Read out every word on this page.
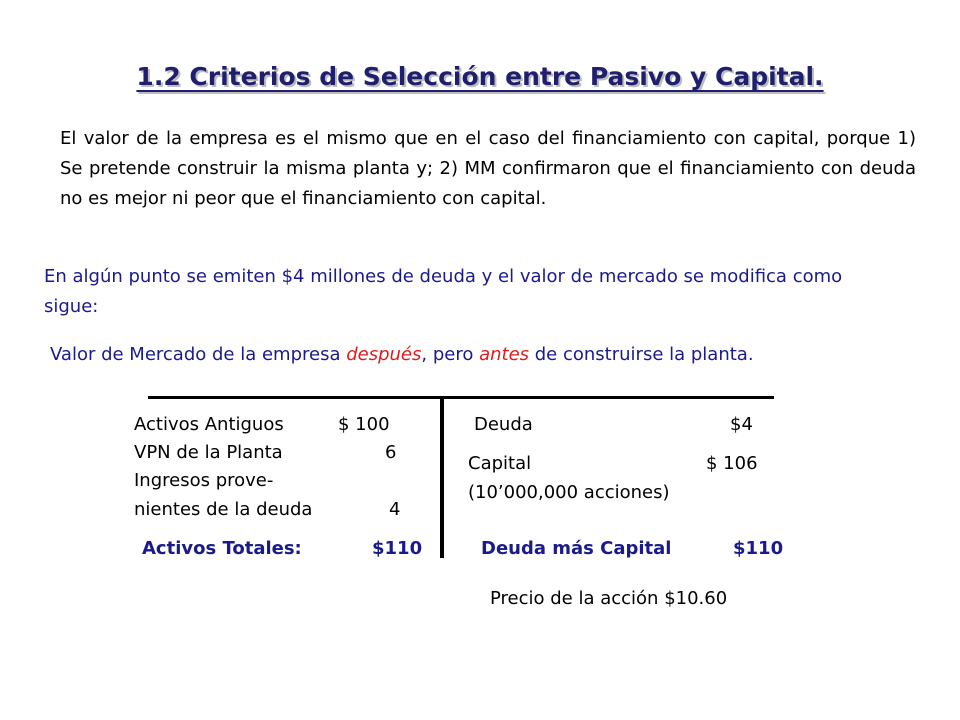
1.2 Criterios de Selección entre Pasivo y Capital.
El valor de la empresa es el mismo que en el caso del financiamiento con capital, porque 1) Se pretende construir la misma planta y; 2) MM confirmaron que el financiamiento con deuda no es mejor ni peor que el financiamiento con capital.
En algún punto se emiten $4 millones de deuda y el valor de mercado se modifica como sigue:
Valor de Mercado de la empresa después, pero antes de construirse la planta.
Activos Antiguos	$ 100
VPN de la Planta	6
Ingresos prove-
nientes de la deuda	4
Activos Totales:	$110
Deuda	$4
Capital	$ 106
(10’000,000 acciones)
Deuda más Capital	$110
Precio de la acción $10.60
